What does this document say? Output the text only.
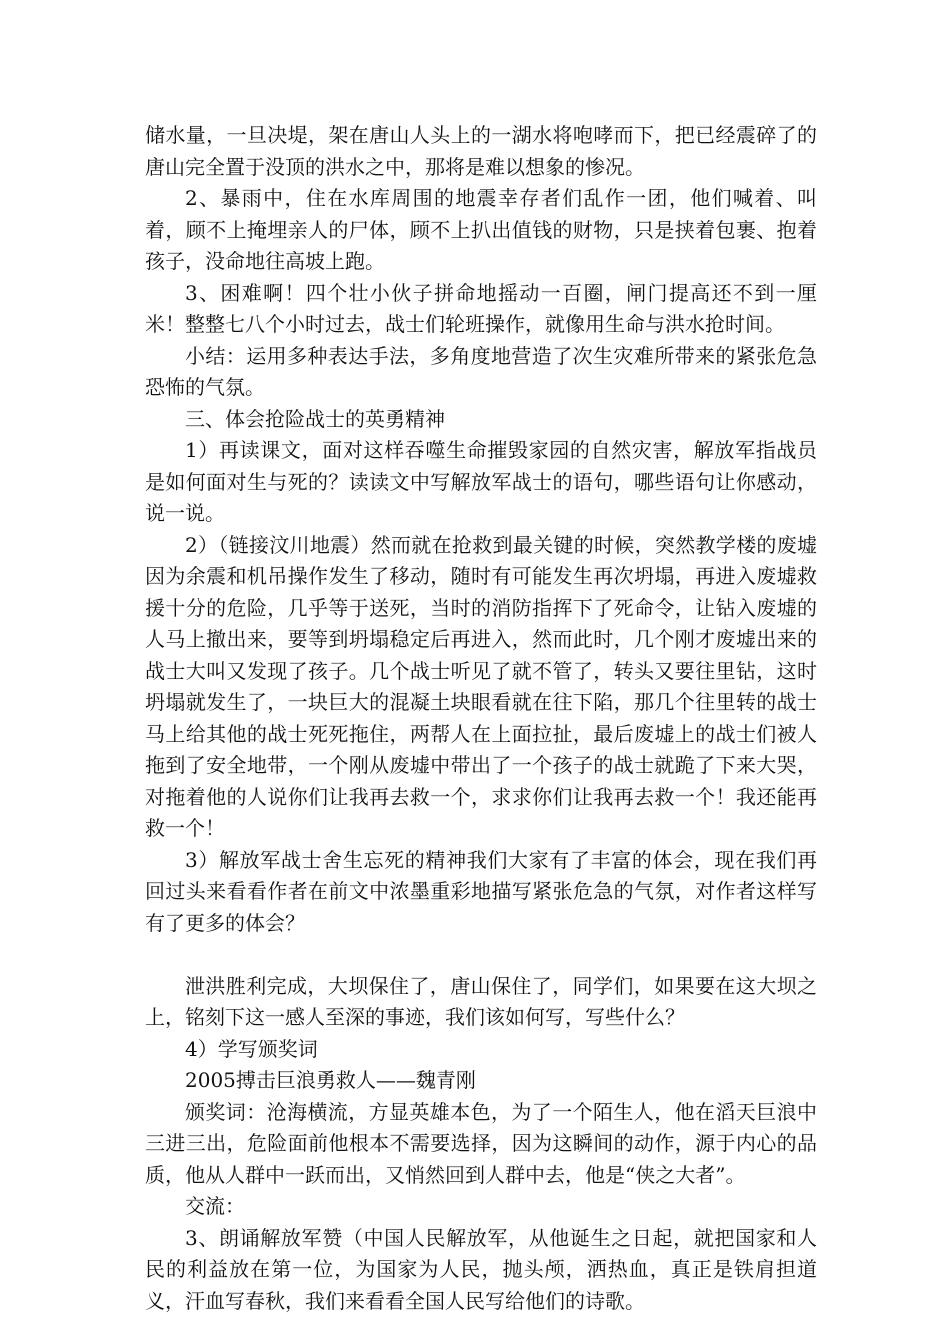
储水量，一旦决堤，架在唐山人头上的一湖水将咆哮而下，把已经震碎了的唐山完全置于没顶的洪水之中，那将是难以想象的惨况。

2、暴雨中，住在水库周围的地震幸存者们乱作一团，他们喊着、叫着，顾不上掩埋亲人的尸体，顾不上扒出值钱的财物，只是挟着包裹、抱着孩子，没命地往高坡上跑。

3、困难啊！四个壮小伙子拼命地摇动一百圈，闸门提高还不到一厘米！整整七八个小时过去，战士们轮班操作，就像用生命与洪水抢时间。

小结：运用多种表达手法，多角度地营造了次生灾难所带来的紧张危急恐怖的气氛。

三、体会抢险战士的英勇精神

1）再读课文，面对这样吞噬生命摧毁家园的自然灾害，解放军指战员是如何面对生与死的？读读文中写解放军战士的语句，哪些语句让你感动，说一说。

2）（链接汶川地震）然而就在抢救到最关键的时候，突然教学楼的废墟因为余震和机吊操作发生了移动，随时有可能发生再次坍塌，再进入废墟救援十分的危险，几乎等于送死，当时的消防指挥下了死命令，让钻入废墟的人马上撤出来，要等到坍塌稳定后再进入，然而此时，几个刚才废墟出来的战士大叫又发现了孩子。几个战士听见了就不管了，转头又要往里钻，这时坍塌就发生了，一块巨大的混凝土块眼看就在往下陷，那几个往里转的战士马上给其他的战士死死拖住，两帮人在上面拉扯，最后废墟上的战士们被人拖到了安全地带，一个刚从废墟中带出了一个孩子的战士就跪了下来大哭，对拖着他的人说你们让我再去救一个，求求你们让我再去救一个！我还能再救一个！

3）解放军战士舍生忘死的精神我们大家有了丰富的体会，现在我们再回过头来看看作者在前文中浓墨重彩地描写紧张危急的气氛，对作者这样写有了更多的体会？

泄洪胜利完成，大坝保住了，唐山保住了，同学们，如果要在这大坝之上，铭刻下这一感人至深的事迹，我们该如何写，写些什么？

4）学写颁奖词

2005搏击巨浪勇救人——魏青刚

颁奖词：沧海横流，方显英雄本色，为了一个陌生人，他在滔天巨浪中三进三出，危险面前他根本不需要选择，因为这瞬间的动作，源于内心的品质，他从人群中一跃而出，又悄然回到人群中去，他是“侠之大者”。

交流：

3、朗诵解放军赞（中国人民解放军，从他诞生之日起，就把国家和人民的利益放在第一位，为国家为人民，抛头颅，洒热血，真正是铁肩担道义，汗血写春秋，我们来看看全国人民写给他们的诗歌。
